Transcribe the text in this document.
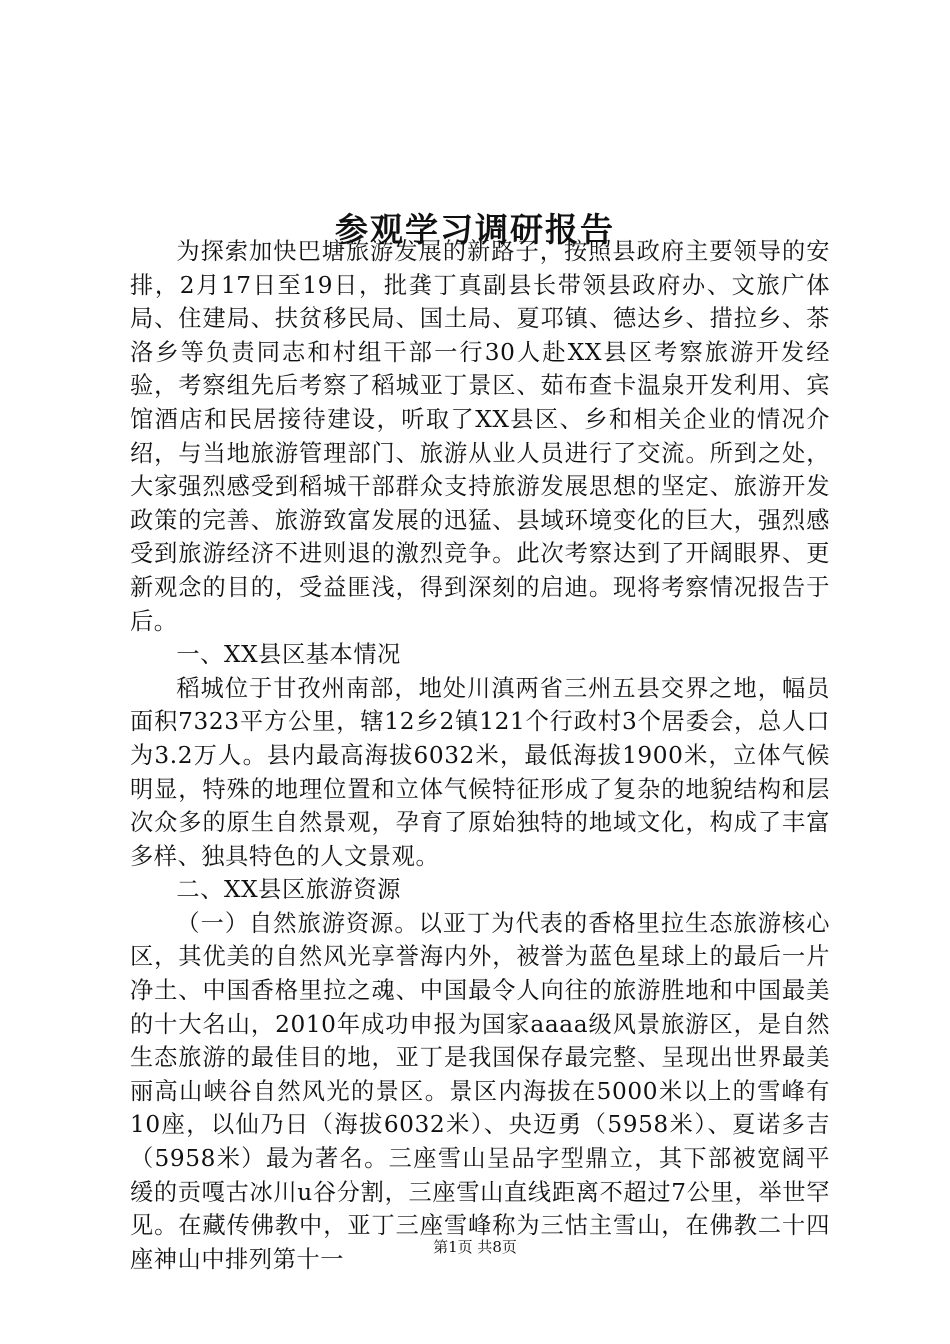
参观学习调研报告

为探索加快巴塘旅游发展的新路子，按照县政府主要领导的安排，2月17日至19日，批龚丁真副县长带领县政府办、文旅广体局、住建局、扶贫移民局、国土局、夏邛镇、德达乡、措拉乡、茶洛乡等负责同志和村组干部一行30人赴XX县区考察旅游开发经验，考察组先后考察了稻城亚丁景区、茹布查卡温泉开发利用、宾馆酒店和民居接待建设，听取了XX县区、乡和相关企业的情况介绍，与当地旅游管理部门、旅游从业人员进行了交流。所到之处，大家强烈感受到稻城干部群众支持旅游发展思想的坚定、旅游开发政策的完善、旅游致富发展的迅猛、县域环境变化的巨大，强烈感受到旅游经济不进则退的激烈竞争。此次考察达到了开阔眼界、更新观念的目的，受益匪浅，得到深刻的启迪。现将考察情况报告于后。

一、XX县区基本情况

稻城位于甘孜州南部，地处川滇两省三州五县交界之地，幅员面积7323平方公里，辖12乡2镇121个行政村3个居委会，总人口为3.2万人。县内最高海拔6032米，最低海拔1900米，立体气候明显，特殊的地理位置和立体气候特征形成了复杂的地貌结构和层次众多的原生自然景观，孕育了原始独特的地域文化，构成了丰富多样、独具特色的人文景观。

二、XX县区旅游资源

（一）自然旅游资源。以亚丁为代表的香格里拉生态旅游核心区，其优美的自然风光享誉海内外，被誉为蓝色星球上的最后一片净土、中国香格里拉之魂、中国最令人向往的旅游胜地和中国最美的十大名山，2010年成功申报为国家aaaa级风景旅游区，是自然生态旅游的最佳目的地，亚丁是我国保存最完整、呈现出世界最美丽高山峡谷自然风光的景区。景区内海拔在5000米以上的雪峰有10座，以仙乃日（海拔6032米）、央迈勇（5958米）、夏诺多吉（5958米）最为著名。三座雪山呈品字型鼎立，其下部被宽阔平缓的贡嘎古冰川u谷分割，三座雪山直线距离不超过7公里，举世罕见。在藏传佛教中，亚丁三座雪峰称为三怙主雪山，在佛教二十四座神山中排列第十一	第1页 共8页
